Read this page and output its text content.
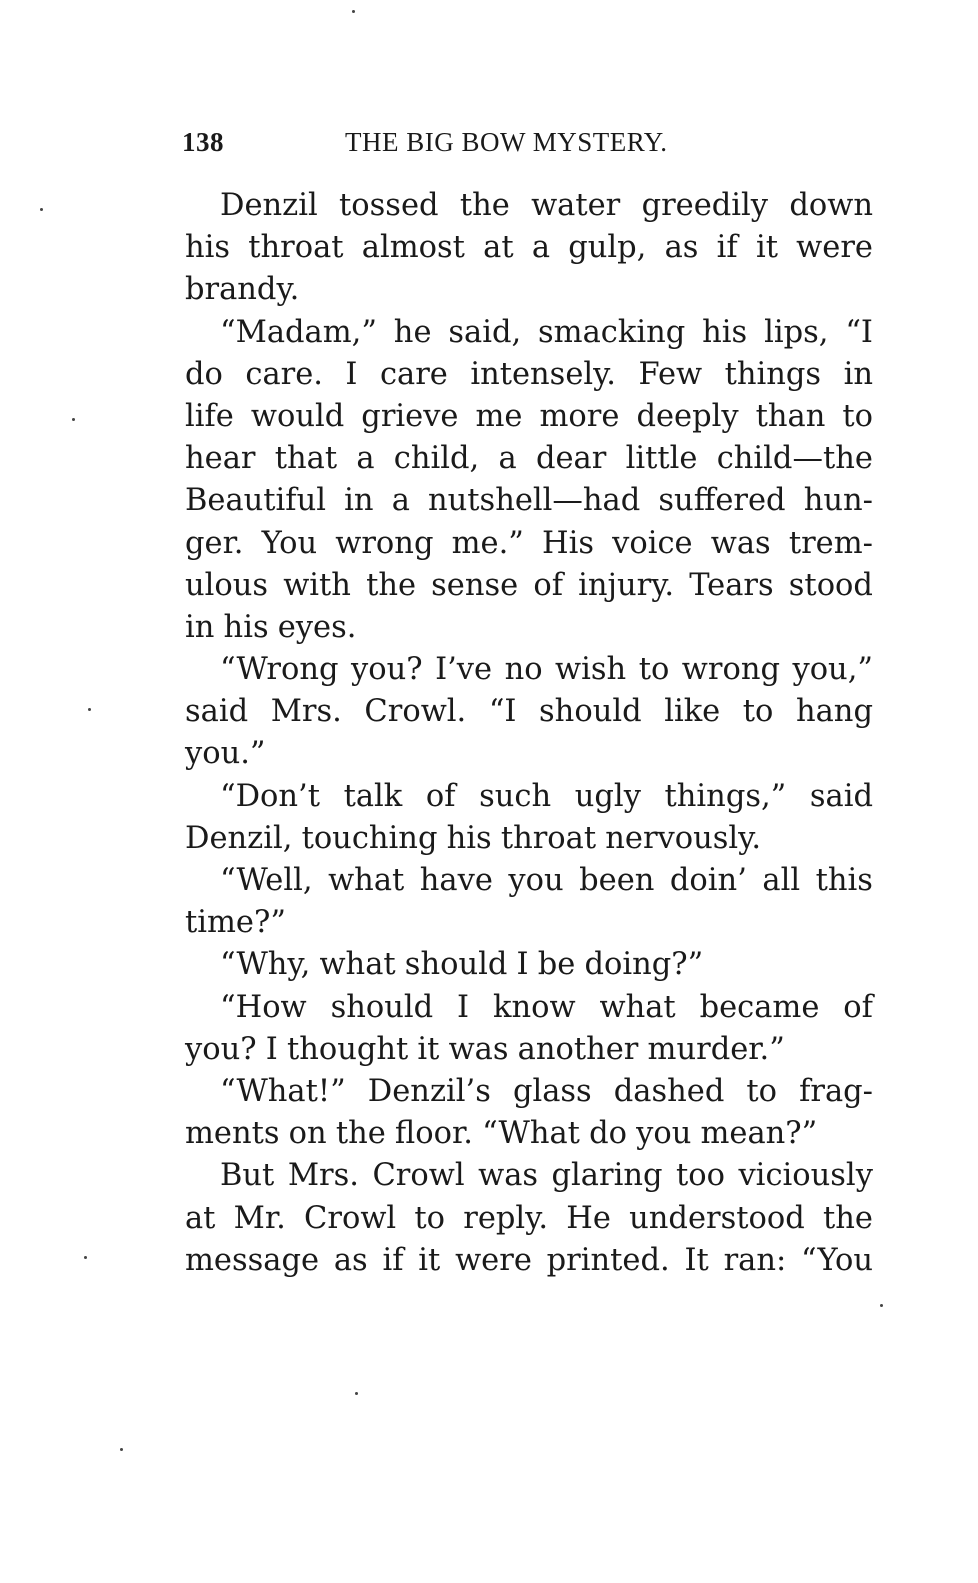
138	THE BIG BOW MYSTERY.
Denzil tossed the water greedily down
his throat almost at a gulp, as if it were
brandy.
“Madam,” he said, smacking his lips, “I
do care. I care intensely. Few things in
life would grieve me more deeply than to
hear that a child, a dear little child—the
Beautiful in a nutshell—had suffered hun-
ger. You wrong me.” His voice was trem-
ulous with the sense of injury. Tears stood
in his eyes.
“Wrong you? I’ve no wish to wrong you,”
said Mrs. Crowl. “I should like to hang
you.”
“Don’t talk of such ugly things,” said
Denzil, touching his throat nervously.
“Well, what have you been doin’ all this
time?”
“Why, what should I be doing?”
“How should I know what became of
you? I thought it was another murder.”
“What!” Denzil’s glass dashed to frag-
ments on the floor. “What do you mean?”
But Mrs. Crowl was glaring too viciously
at Mr. Crowl to reply. He understood the
message as if it were printed. It ran: “You
